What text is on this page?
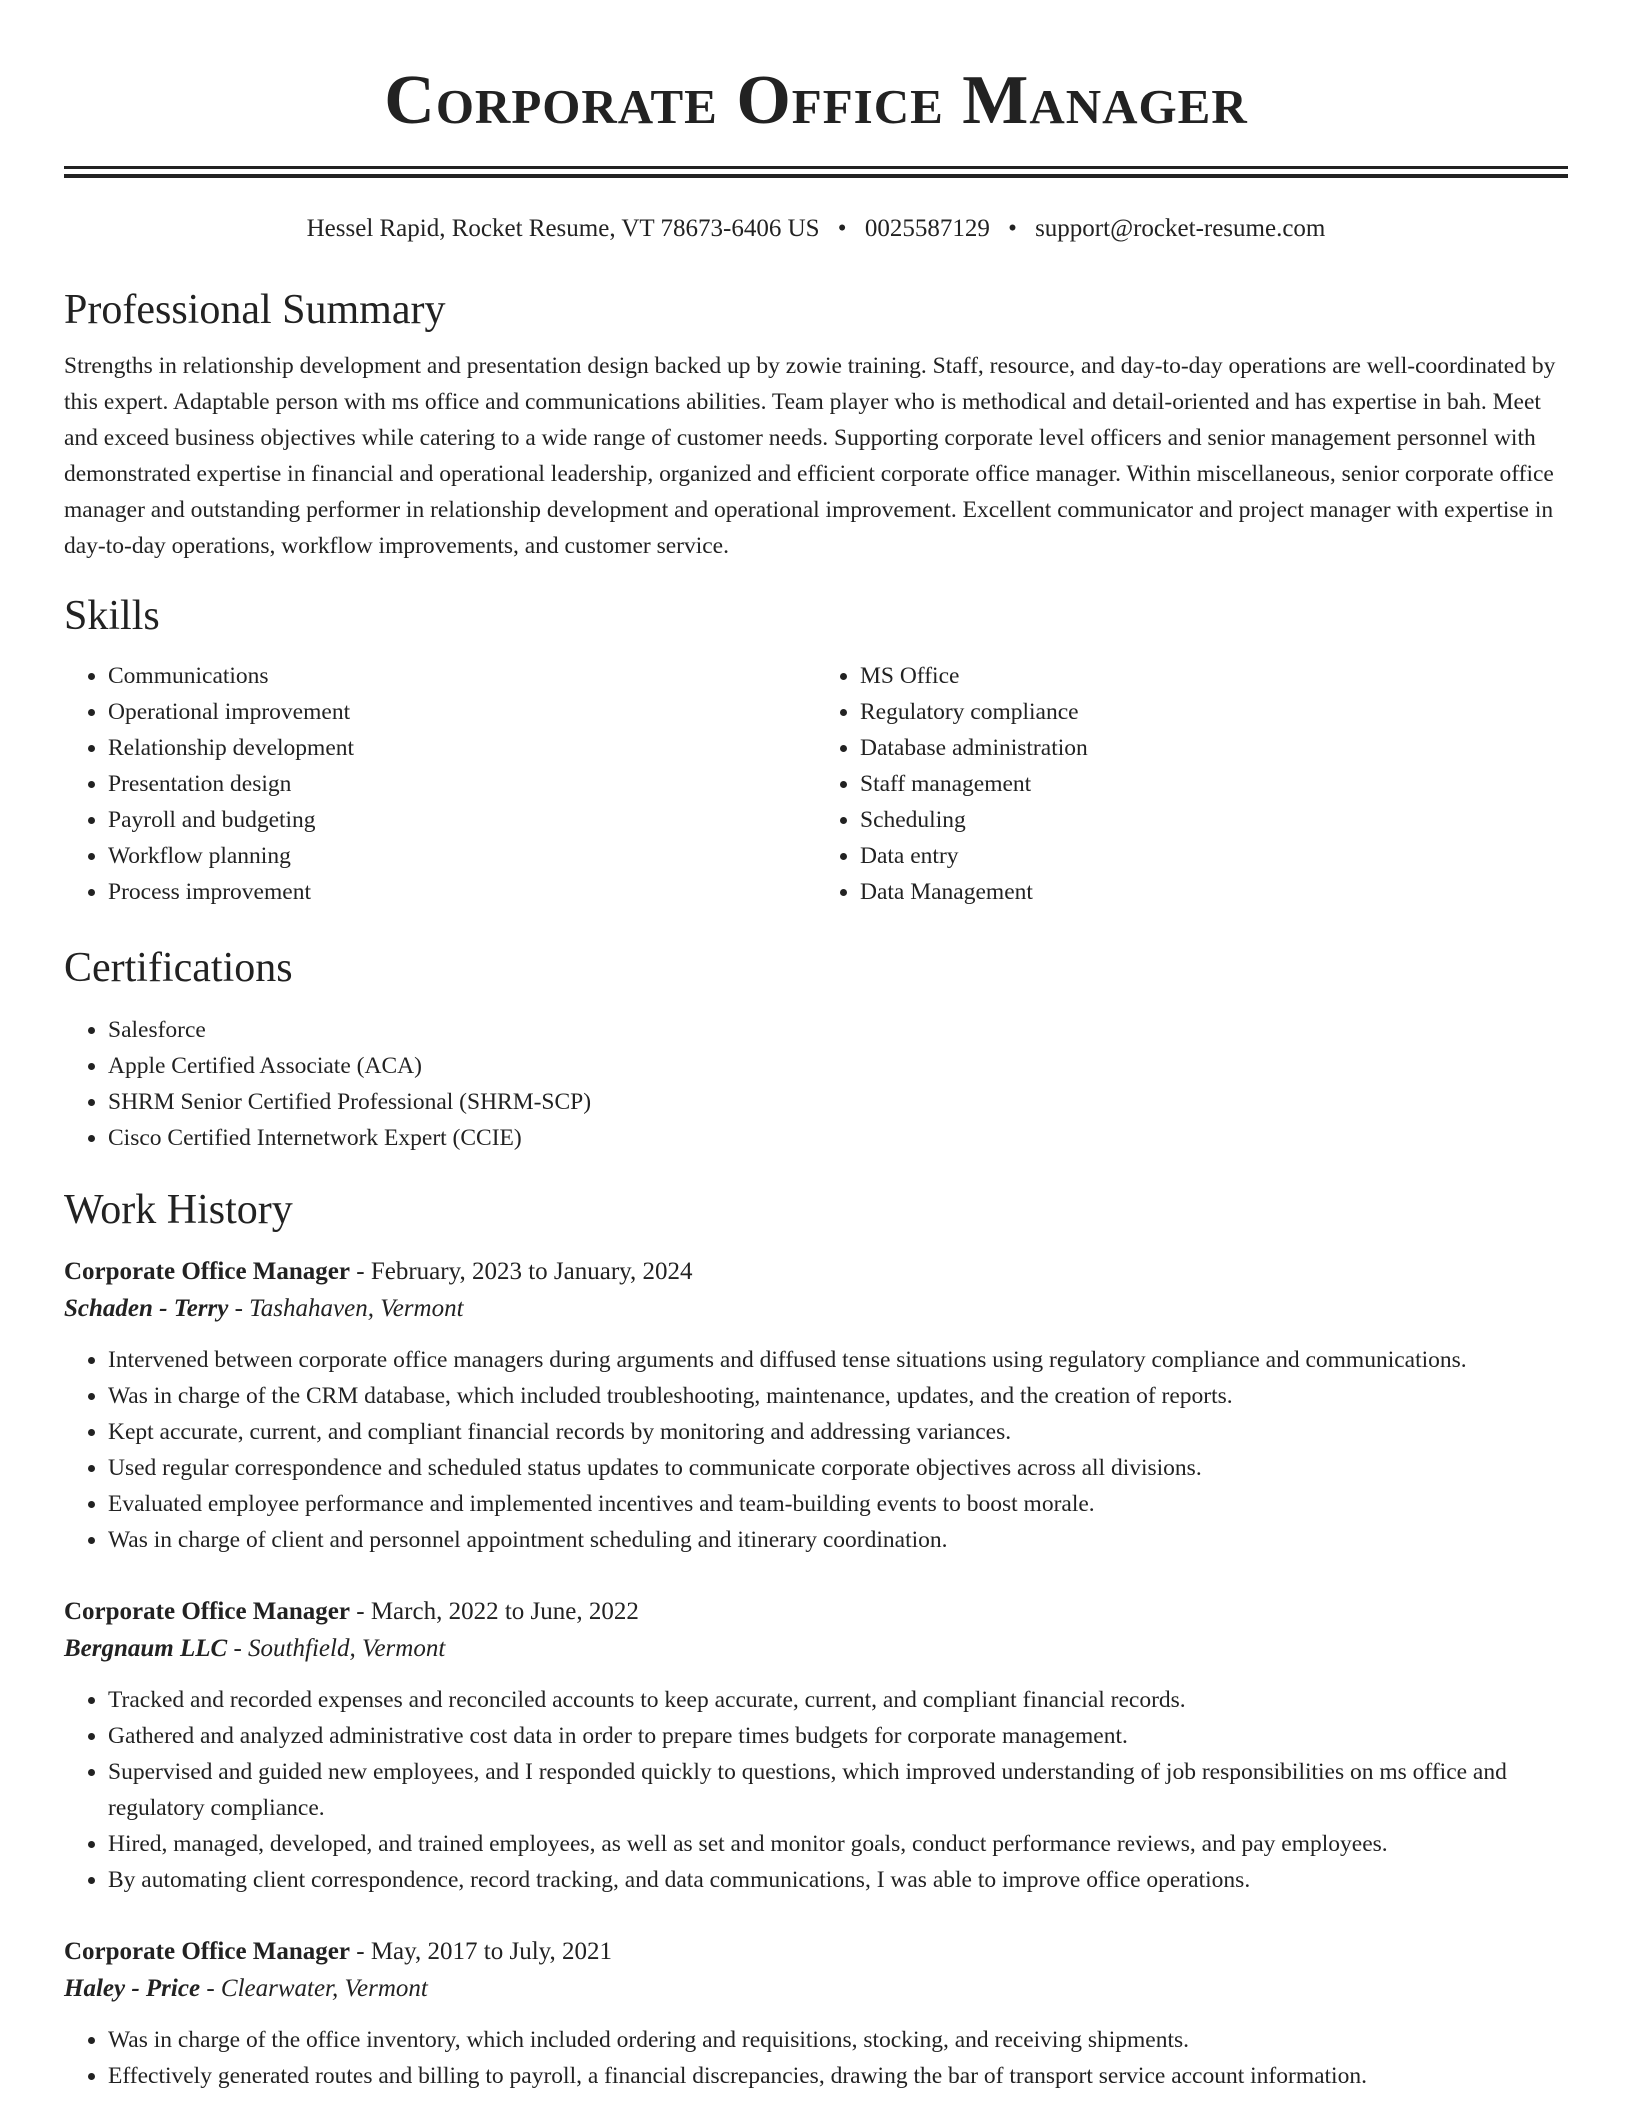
Corporate Office Manager
Hessel Rapid, Rocket Resume, VT 78673-6406 US • 0025587129 • support@rocket-resume.com
Professional Summary

Strengths in relationship development and presentation design backed up by zowie training. Staff, resource, and day-to-day operations are well-coordinated by this expert. Adaptable person with ms office and communications abilities. Team player who is methodical and detail-oriented and has expertise in bah. Meet and exceed business objectives while catering to a wide range of customer needs. Supporting corporate level officers and senior management personnel with demonstrated expertise in financial and operational leadership, organized and efficient corporate office manager. Within miscellaneous, senior corporate office manager and outstanding performer in relationship development and operational improvement. Excellent communicator and project manager with expertise in day-to-day operations, workflow improvements, and customer service.

Skills
• Communications
• Operational improvement
• Relationship development
• Presentation design
• Payroll and budgeting
• Workflow planning
• Process improvement
• MS Office
• Regulatory compliance
• Database administration
• Staff management
• Scheduling
• Data entry
• Data Management
Certifications
• Salesforce
• Apple Certified Associate (ACA)
• SHRM Senior Certified Professional (SHRM-SCP)
• Cisco Certified Internetwork Expert (CCIE)
Work History
Corporate Office Manager - February, 2023 to January, 2024
Schaden - Terry - Tashahaven, Vermont
• Intervened between corporate office managers during arguments and diffused tense situations using regulatory compliance and communications.
• Was in charge of the CRM database, which included troubleshooting, maintenance, updates, and the creation of reports.
• Kept accurate, current, and compliant financial records by monitoring and addressing variances.
• Used regular correspondence and scheduled status updates to communicate corporate objectives across all divisions.
• Evaluated employee performance and implemented incentives and team-building events to boost morale.
• Was in charge of client and personnel appointment scheduling and itinerary coordination.
Corporate Office Manager - March, 2022 to June, 2022
Bergnaum LLC - Southfield, Vermont
• Tracked and recorded expenses and reconciled accounts to keep accurate, current, and compliant financial records.
• Gathered and analyzed administrative cost data in order to prepare times budgets for corporate management.
• Supervised and guided new employees, and I responded quickly to questions, which improved understanding of job responsibilities on ms office and regulatory compliance.
• Hired, managed, developed, and trained employees, as well as set and monitor goals, conduct performance reviews, and pay employees.
• By automating client correspondence, record tracking, and data communications, I was able to improve office operations.
Corporate Office Manager - May, 2017 to July, 2021
Haley - Price - Clearwater, Vermont
• Was in charge of the office inventory, which included ordering and requisitions, stocking, and receiving shipments.
• Effectively generated routes and billing to payroll, a financial discrepancies, drawing the bar of transport service account information.
